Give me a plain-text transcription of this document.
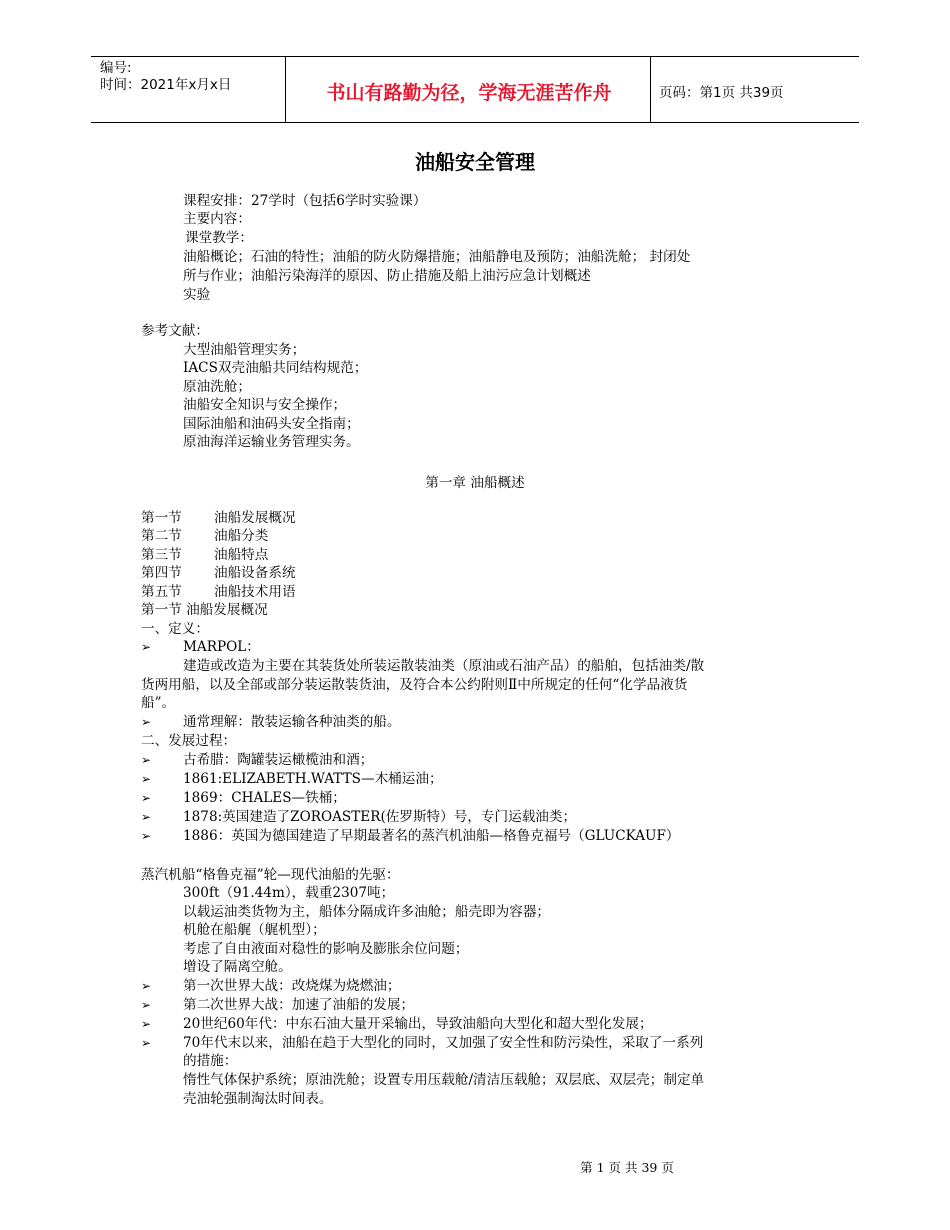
编号:
时间：2021年x月x日	书山有路勤为径，学海无涯苦作舟	页码：第1页 共39页
油船安全管理
课程安排：27学时（包括6学时实验课）
主要内容：
课堂教学：
油船概论；石油的特性；油船的防火防爆措施；油船静电及预防；油船洗舱； 封闭处
所与作业；油船污染海洋的原因、防止措施及船上油污应急计划概述
实验
参考文献：
大型油船管理实务；
IACS双壳油船共同结构规范；
原油洗舱；
油船安全知识与安全操作；
国际油船和油码头安全指南；
原油海洋运输业务管理实务。
第一章 油船概述
第一节 油船发展概况
第二节 油船分类
第三节 油船特点
第四节 油船设备系统
第五节 油船技术用语
第一节 油船发展概况
一、定义：
➢ MARPOL：
建造或改造为主要在其装货处所装运散装油类（原油或石油产品）的船舶，包括油类/散
货两用船，以及全部或部分装运散装货油，及符合本公约附则Ⅱ中所规定的任何“化学品液货
船”。
➢ 通常理解：散装运输各种油类的船。
二、发展过程：
➢ 古希腊：陶罐装运橄榄油和酒；
➢ 1861:ELIZABETH.WATTS—木桶运油；
➢ 1869：CHALES—铁桶；
➢ 1878:英国建造了ZOROASTER(佐罗斯特）号，专门运载油类；
➢ 1886：英国为德国建造了早期最著名的蒸汽机油船—格鲁克福号（GLUCKAUF）
蒸汽机船“格鲁克福”轮—现代油船的先驱：
300ft（91.44m），载重2307吨；
以载运油类货物为主，船体分隔成许多油舱；船壳即为容器；
机舱在船艉（艉机型）；
考虑了自由液面对稳性的影响及膨胀余位问题；
增设了隔离空舱。
➢ 第一次世界大战：改烧煤为烧燃油；
➢ 第二次世界大战：加速了油船的发展；
➢ 20世纪60年代：中东石油大量开采输出，导致油船向大型化和超大型化发展；
➢ 70年代末以来，油船在趋于大型化的同时，又加强了安全性和防污染性，采取了一系列
的措施：
惰性气体保护系统；原油洗舱；设置专用压载舱/清洁压载舱；双层底、双层壳；制定单
壳油轮强制淘汰时间表。
第 1 页 共 39 页
